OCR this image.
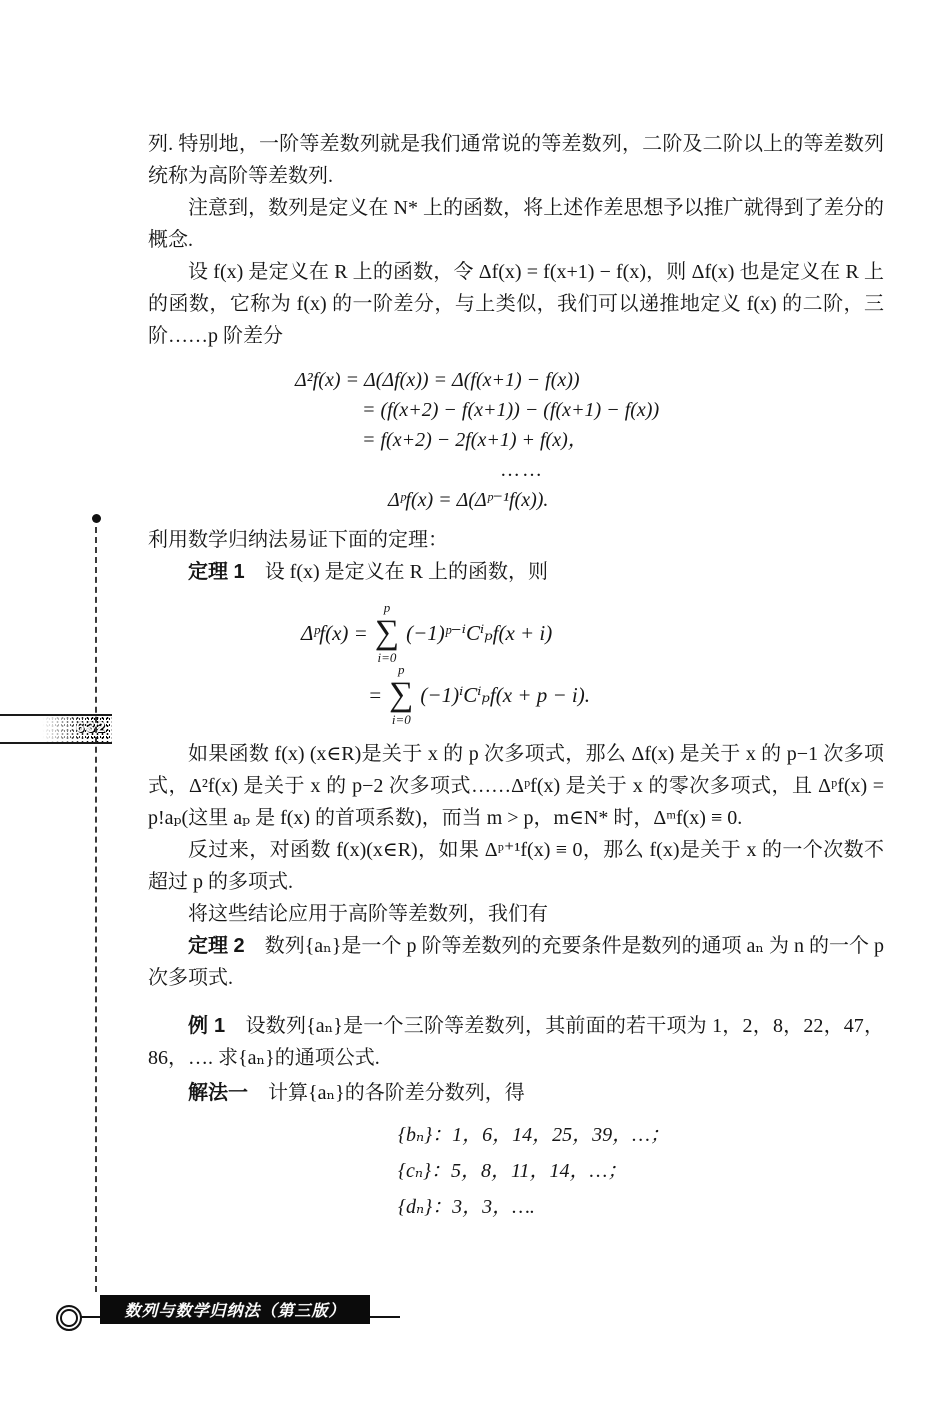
列. 特别地，一阶等差数列就是我们通常说的等差数列，二阶及二阶以上的等差数列统称为高阶等差数列.

注意到，数列是定义在 N* 上的函数，将上述作差思想予以推广就得到了差分的概念.

设 f(x) 是定义在 R 上的函数，令 Δf(x) = f(x+1) − f(x)，则 Δf(x) 也是定义在 R 上的函数，它称为 f(x) 的一阶差分，与上类似，我们可以递推地定义 f(x) 的二阶，三阶……p 阶差分

Δ²f(x) = Δ(Δf(x)) = Δ(f(x+1) − f(x))
= (f(x+2) − f(x+1)) − (f(x+1) − f(x))
= f(x+2) − 2f(x+1) + f(x)，
……
Δᵖf(x) = Δ(Δᵖ⁻¹f(x)).

利用数学归纳法易证下面的定理：

定理 1　 设 f(x) 是定义在 R 上的函数，则

Δᵖf(x) =
p
∑
i=0
(−1)ᵖ⁻ⁱCⁱₚf(x + i)
=
p
∑
i=0
(−1)ⁱCⁱₚf(x + p − i).

如果函数 f(x) (x∈R)是关于 x 的 p 次多项式，那么 Δf(x) 是关于 x 的 p−1 次多项式，Δ²f(x) 是关于 x 的 p−2 次多项式……Δᵖf(x) 是关于 x 的零次多项式，且 Δᵖf(x) = p!aₚ(这里 aₚ 是 f(x) 的首项系数)，而当 m > p，m∈N* 时，Δᵐf(x) ≡ 0.

反过来，对函数 f(x)(x∈R)，如果 Δᵖ⁺¹f(x) ≡ 0，那么 f(x)是关于 x 的一个次数不超过 p 的多项式.

将这些结论应用于高阶等差数列，我们有

定理 2　 数列{aₙ}是一个 p 阶等差数列的充要条件是数列的通项 aₙ 为 n 的一个 p 次多项式.

例 1　 设数列{aₙ}是一个三阶等差数列，其前面的若干项为 1，2，8，22，47，86，…. 求{aₙ}的通项公式.

解法一　 计算{aₙ}的各阶差分数列，得

{bₙ}：1，6，14，25，39，…；
{cₙ}：5，8，11，14，…；
{dₙ}：3，3，….
632
数列与数学归纳法（第三版）
